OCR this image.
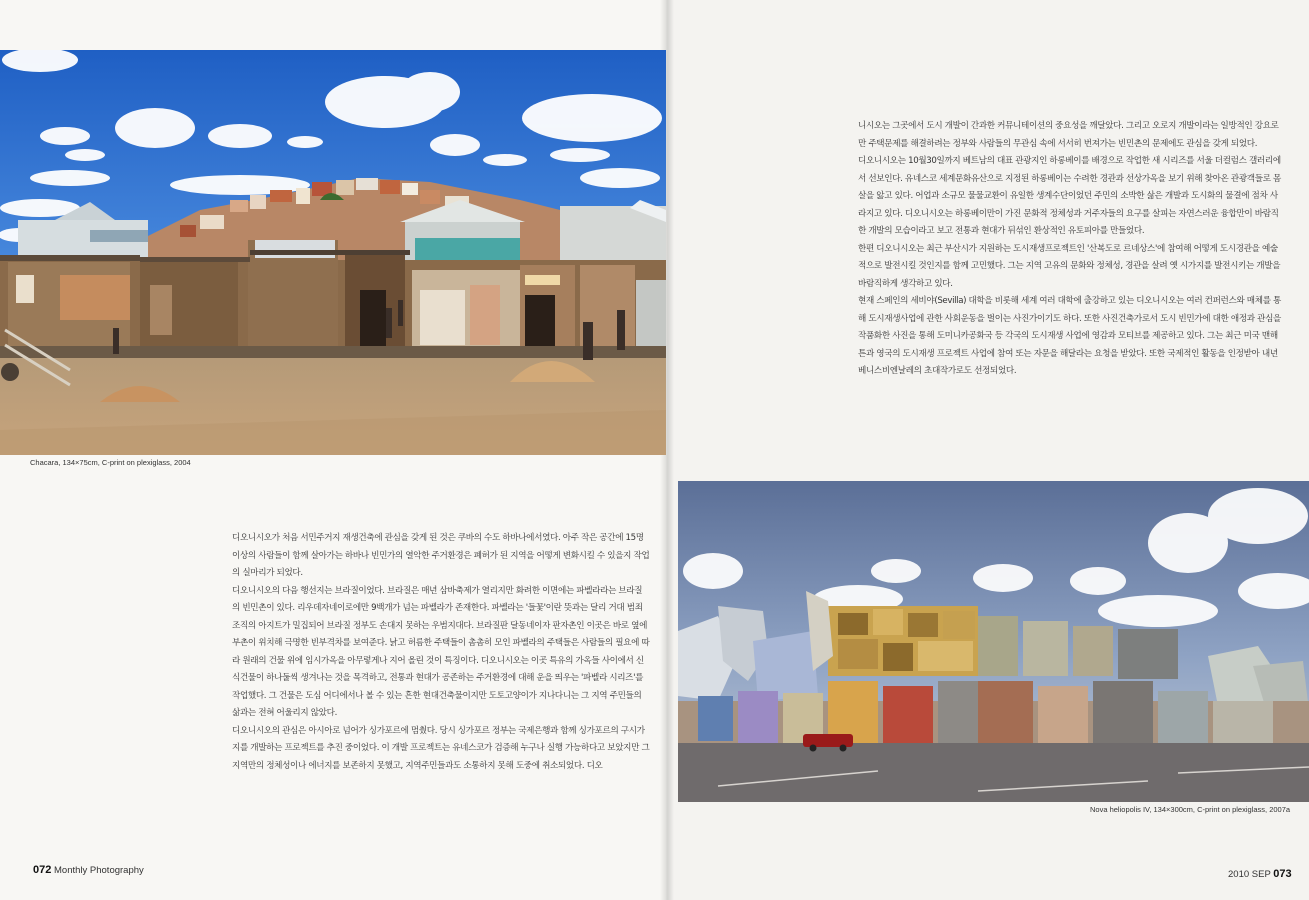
Chacara, 134×75cm, C-print on plexiglass, 2004

디오니시오가 처음 서민주거지 재생건축에 관심을 갖게 된 것은 쿠바의 수도 하바나에서였다. 아주 작은 공간에 15명 이상의 사람들이 함께 살아가는 하바나 빈민가의 열악한 주거환경은 폐허가 된 지역을 어떻게 변화시킬 수 있을지 작업의 실마리가 되었다.

디오니시오의 다음 행선지는 브라질이었다. 브라질은 매년 삼바축제가 열리지만 화려한 이면에는 파벨라라는 브라질의 빈민촌이 있다. 리우데자네이로에만 9백개가 넘는 파벨라가 존재한다. 파벨라는 '들꽃'이란 뜻과는 달리 거대 범죄조직의 아지트가 밀집되어 브라질 정부도 손대지 못하는 우범지대다. 브라질판 달동네이자 판자촌인 이곳은 바로 옆에 부촌이 위치해 극명한 빈부격차를 보여준다. 낡고 허름한 주택들이 촘촘히 모인 파벨라의 주택들은 사람들의 필요에 따라 원래의 건물 위에 임시가옥을 아무렇게나 지어 올린 것이 특징이다. 디오니시오는 이곳 특유의 가옥들 사이에서 신식건물이 하나둘씩 생겨나는 것을 목격하고, 전통과 현대가 공존하는 주거환경에 대해 운을 띄우는 '파벨라 시리즈'를 작업했다. 그 건물은 도심 어디에서나 볼 수 있는 흔한 현대건축물이지만 도토고양이가 지나다니는 그 지역 주민들의 삶과는 전혀 어울리지 않았다.

디오니시오의 관심은 아시아로 넘어가 싱가포르에 멈췄다. 당시 싱가포르 정부는 국제은행과 함께 싱가포르의 구시가지를 개발하는 프로젝트를 추진 중이었다. 이 개발 프로젝트는 유네스코가 검증해 누구나 실행 가능하다고 보았지만 그 지역만의 정체성이나 에너지를 보존하지 못했고, 지역주민들과도 소통하지 못해 도중에 취소되었다. 디오

072 Monthly Photography

니시오는 그곳에서 도시 개발이 간과한 커뮤니테이션의 중요성을 깨달았다. 그리고 오로지 개발이라는 일방적인 강요로만 주택문제를 해결하려는 정부와 사람들의 무관심 속에 서서히 번져가는 빈민촌의 문제에도 관심을 갖게 되었다.

디오니시오는 10월30일까지 베트남의 대표 관광지인 하롱베이를 배경으로 작업한 새 시리즈를 서울 더컬럼스 갤러리에서 선보인다. 유네스코 세계문화유산으로 지정된 하롱베이는 수려한 경관과 선상가옥을 보기 위해 찾아온 관광객들로 몸살을 앓고 있다. 어업과 소규모 물물교환이 유일한 생계수단이었던 주민의 소박한 삶은 개발과 도시화의 물결에 점차 사라지고 있다. 디오니시오는 하롱베이만이 가진 문화적 정체성과 거주자들의 요구를 살피는 자연스러운 융합만이 바람직한 개발의 모습이라고 보고 전통과 현대가 뒤섞인 환상적인 유토피아를 만들었다.

한편 디오니시오는 최근 부산시가 지원하는 도시재생프로젝트인 '산복도로 르네상스'에 참여해 어떻게 도시경관을 예술적으로 발전시킬 것인지를 함께 고민했다. 그는 지역 고유의 문화와 정체성, 경관을 살려 옛 시가지를 발전시키는 개발을 바람직하게 생각하고 있다.

현재 스페인의 세비야(Sevilla) 대학을 비롯해 세계 여러 대학에 출강하고 있는 디오니시오는 여러 컨퍼런스와 매체를 통해 도시재생사업에 관한 사회운동을 벌이는 사진가이기도 하다. 또한 사진건축가로서 도시 빈민가에 대한 애정과 관심을 작품화한 사진을 통해 도미니카공화국 등 각국의 도시재생 사업에 영감과 모티브를 제공하고 있다. 그는 최근 미국 맨해튼과 영국의 도시재생 프로젝트 사업에 참여 또는 자문을 해달라는 요청을 받았다. 또한 국제적인 활동을 인정받아 내년 베니스비엔날레의 초대작가로도 선정되었다.

Nova heliopolis IV, 134×300cm, C-print on plexiglass, 2007a
2010 SEP 073
